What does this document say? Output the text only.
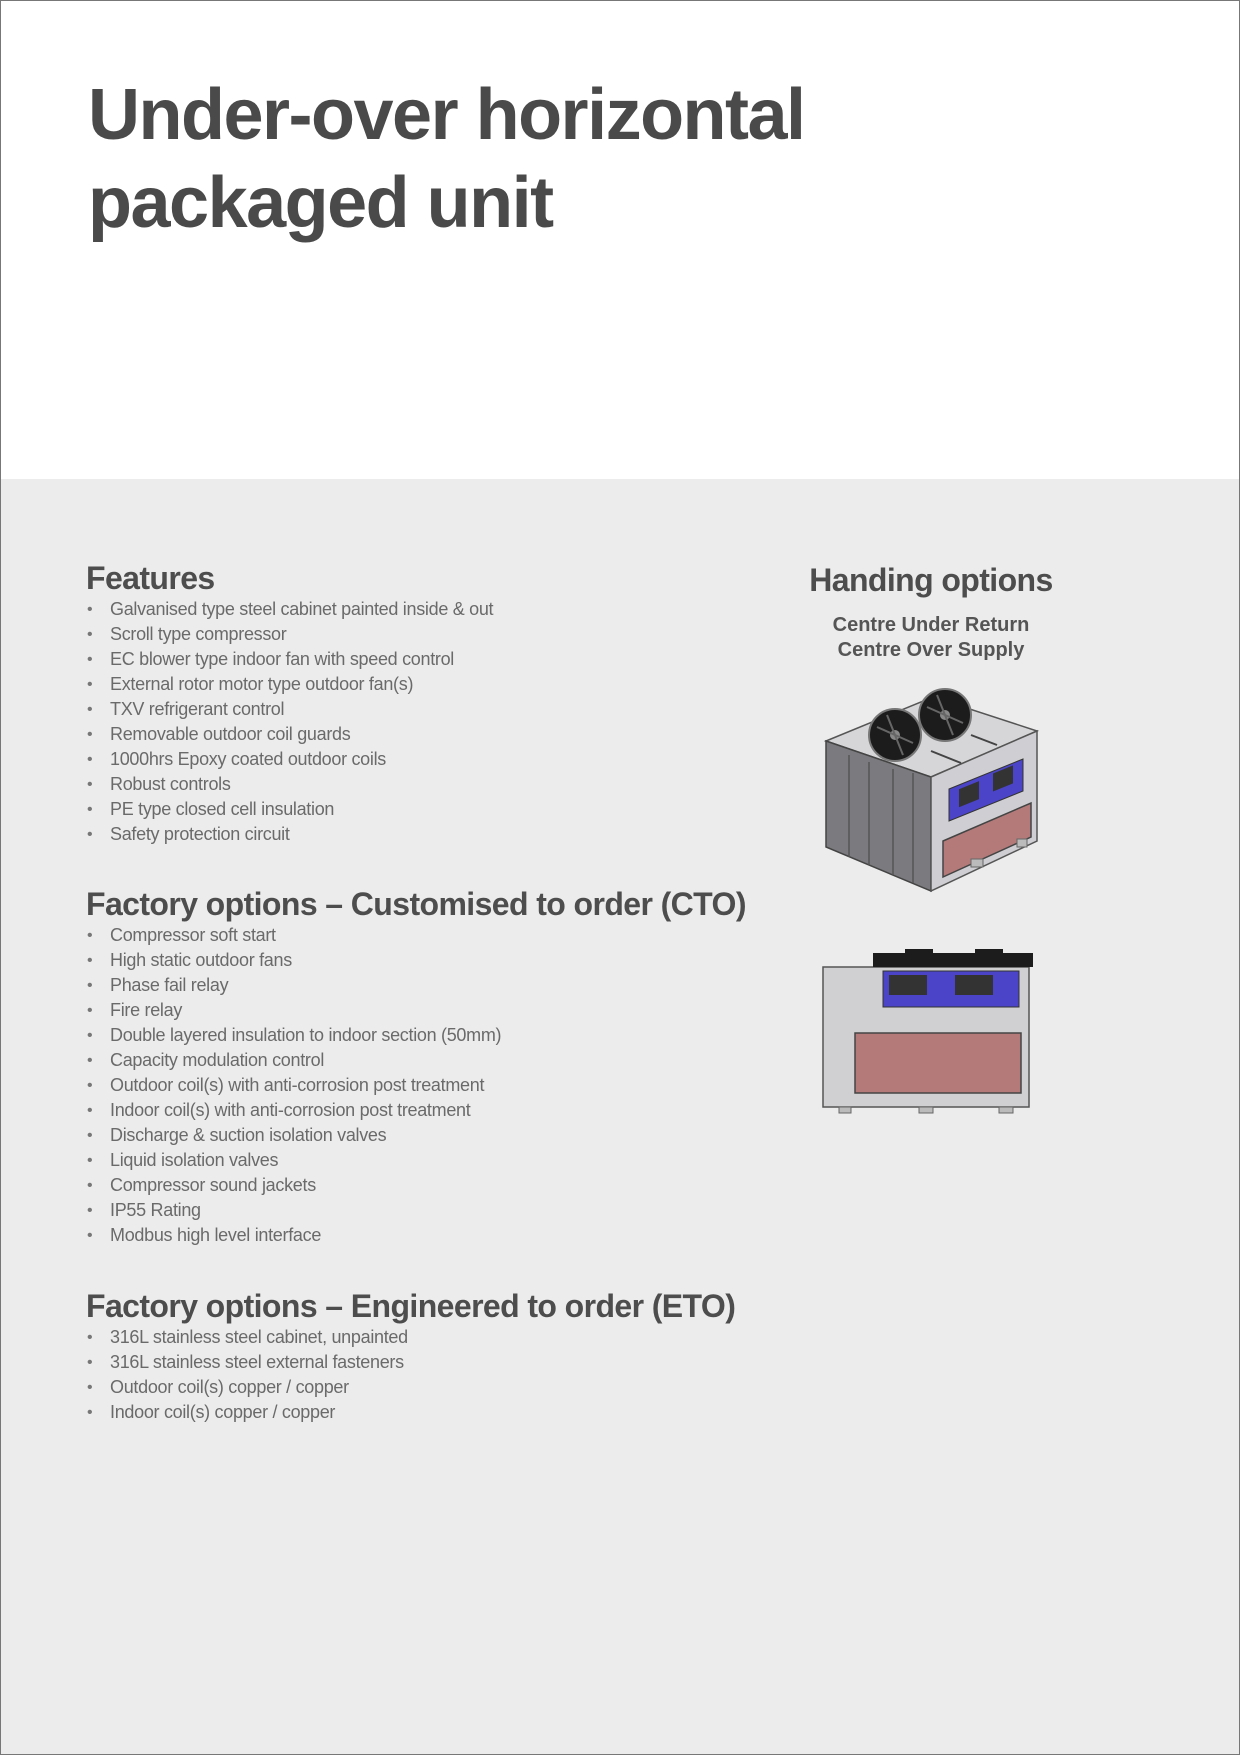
Under-over horizontal
packaged unit
Features
• Galvanised type steel cabinet painted inside & out
• Scroll type compressor
• EC blower type indoor fan with speed control
• External rotor motor type outdoor fan(s)
• TXV refrigerant control
• Removable outdoor coil guards
• 1000hrs Epoxy coated outdoor coils
• Robust controls
• PE type closed cell insulation
• Safety protection circuit
Factory options – Customised to order (CTO)
• Compressor soft start
• High static outdoor fans
• Phase fail relay
• Fire relay
• Double layered insulation to indoor section (50mm)
• Capacity modulation control
• Outdoor coil(s) with anti-corrosion post treatment
• Indoor coil(s) with anti-corrosion post treatment
• Discharge & suction isolation valves
• Liquid isolation valves
• Compressor sound jackets
• IP55 Rating
• Modbus high level interface
Factory options – Engineered to order (ETO)
• 316L stainless steel cabinet, unpainted
• 316L stainless steel external fasteners
• Outdoor coil(s) copper / copper
• Indoor coil(s) copper / copper
Handing options
Centre Under Return
Centre Over Supply
